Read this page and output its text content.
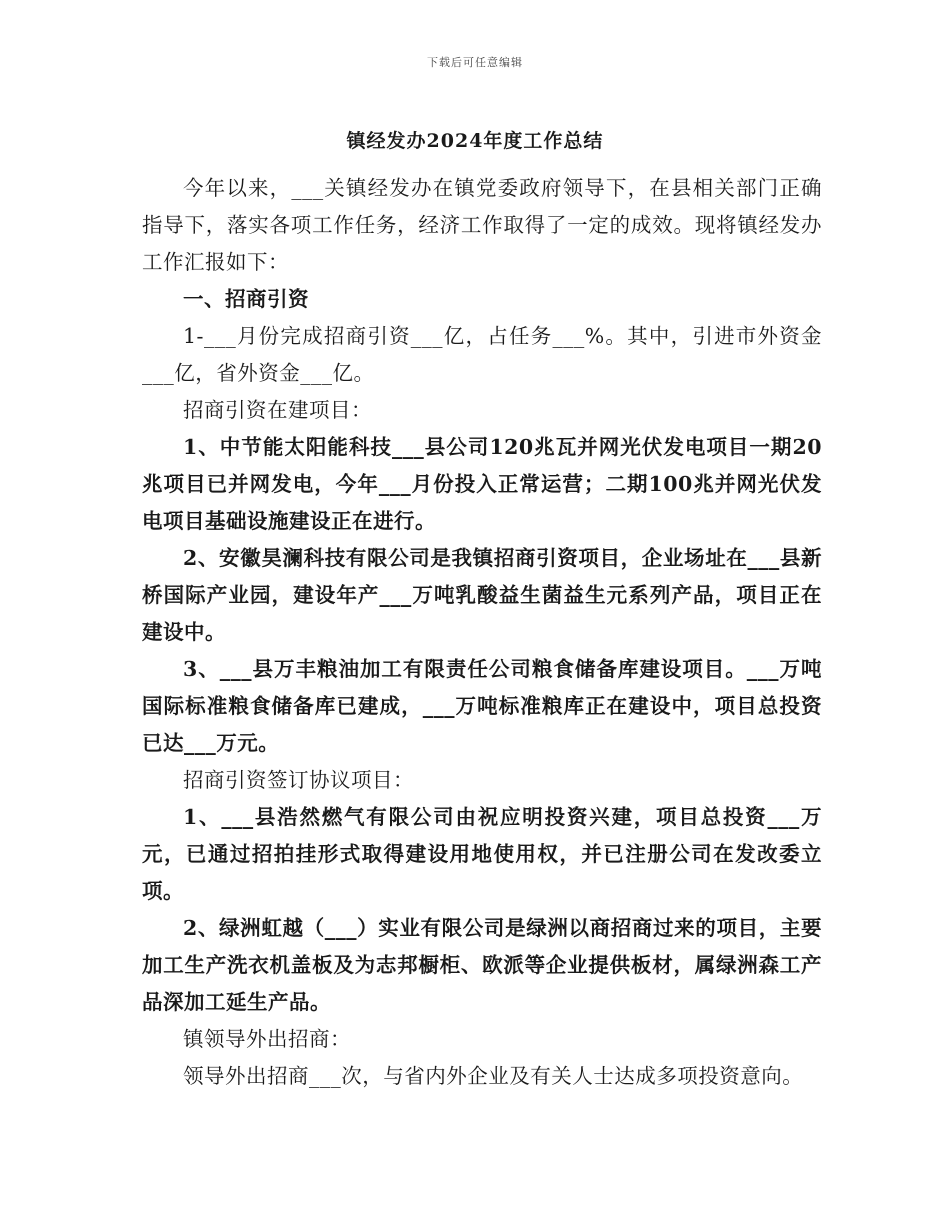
下载后可任意编辑
镇经发办2024年度工作总结

今年以来，___关镇经发办在镇党委政府领导下，在县相关部门正确指导下，落实各项工作任务，经济工作取得了一定的成效。现将镇经发办工作汇报如下：

一、招商引资

1-___月份完成招商引资___亿，占任务___%。其中，引进市外资金___亿，省外资金___亿。

招商引资在建项目：

1、中节能太阳能科技___县公司120兆瓦并网光伏发电项目一期20兆项目已并网发电，今年___月份投入正常运营；二期100兆并网光伏发电项目基础设施建设正在进行。

2、安徽昊澜科技有限公司是我镇招商引资项目，企业场址在___县新桥国际产业园，建设年产___万吨乳酸益生菌益生元系列产品，项目正在建设中。

3、___县万丰粮油加工有限责任公司粮食储备库建设项目。___万吨国际标准粮食储备库已建成，___万吨标准粮库正在建设中，项目总投资已达___万元。

招商引资签订协议项目：

1、___县浩然燃气有限公司由祝应明投资兴建，项目总投资___万元，已通过招拍挂形式取得建设用地使用权，并已注册公司在发改委立项。

2、绿洲虹越（___）实业有限公司是绿洲以商招商过来的项目，主要加工生产洗衣机盖板及为志邦橱柜、欧派等企业提供板材，属绿洲森工产品深加工延生产品。

镇领导外出招商：

领导外出招商___次，与省内外企业及有关人士达成多项投资意向。
